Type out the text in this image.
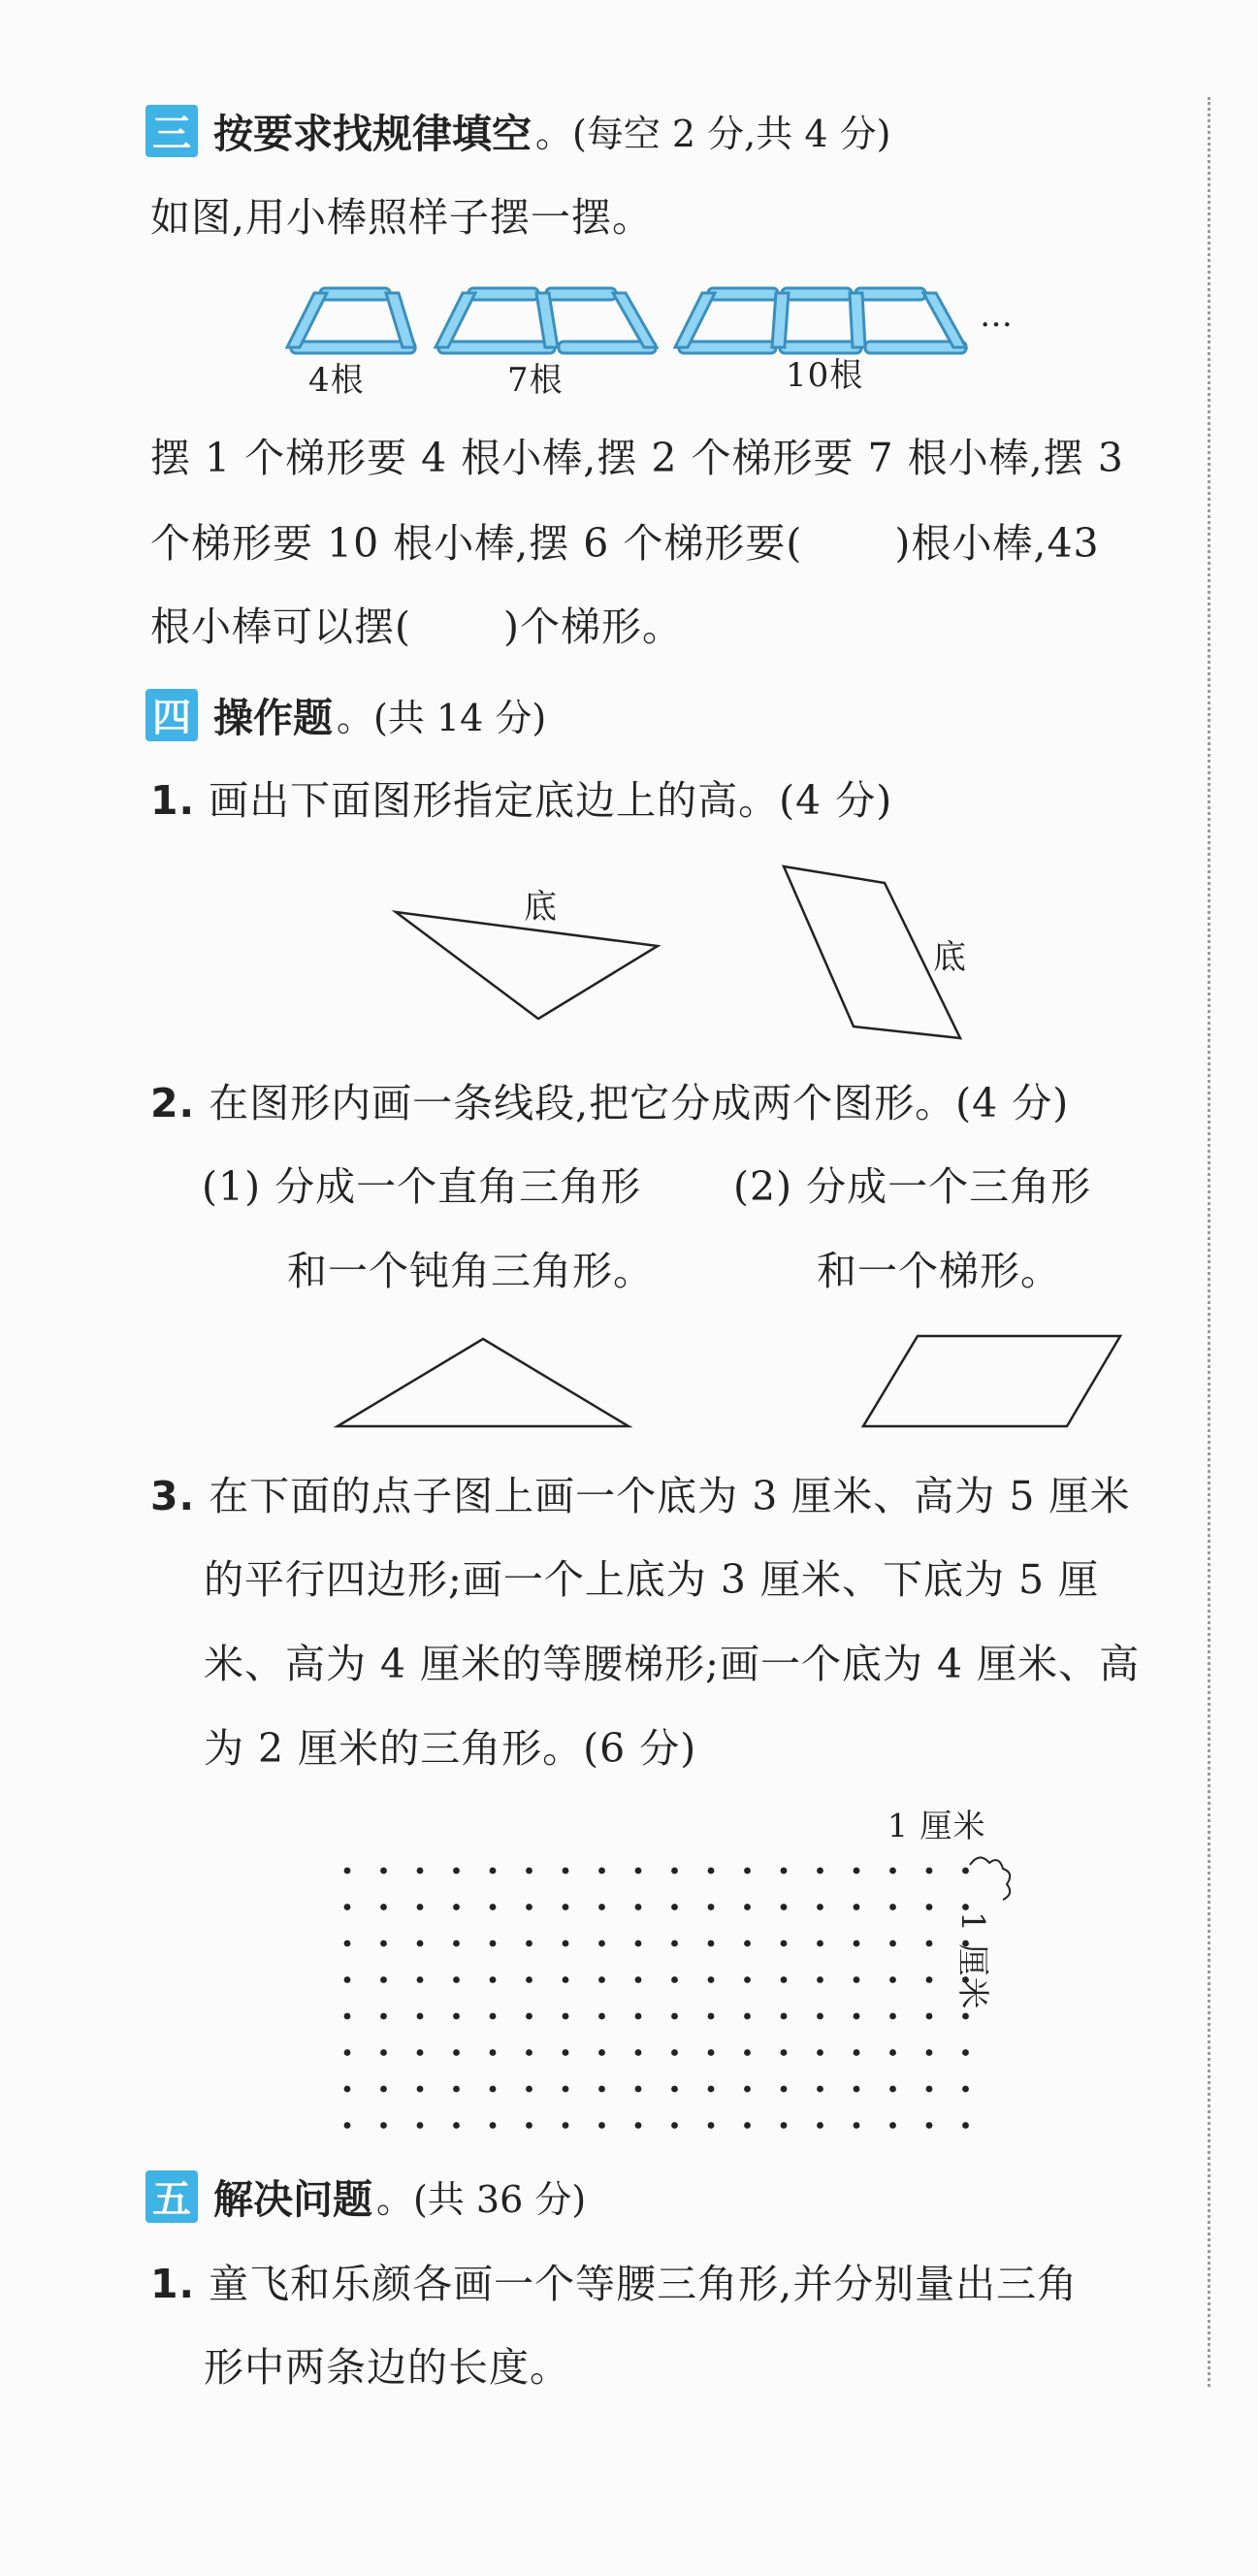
三 按要求找规律填空 。(每空 2 分,共 4 分)
如图,用小棒照样子摆一摆。
4根	7根	10根
…
摆 1 个梯形要 4 根小棒,摆 2 个梯形要 7 根小棒,摆 3
个梯形要 10 根小棒,摆 6 个梯形要( )根小棒,43
根小棒可以摆( )个梯形。
四 操作题 。(共 14 分)
1. 画出下面图形指定底边上的高。(4 分)
底
底
2. 在图形内画一条线段,把它分成两个图形。(4 分)
(1) 分成一个直角三角形
和一个钝角三角形。
(2) 分成一个三角形
和一个梯形。
3. 在下面的点子图上画一个底为 3 厘米、高为 5 厘米
的平行四边形;画一个上底为 3 厘米、下底为 5 厘
米、高为 4 厘米的等腰梯形;画一个底为 4 厘米、高
为 2 厘米的三角形。(6 分)
1 厘米
1 厘米
五 解决问题 。(共 36 分)
1. 童飞和乐颜各画一个等腰三角形,并分别量出三角
形中两条边的长度。
